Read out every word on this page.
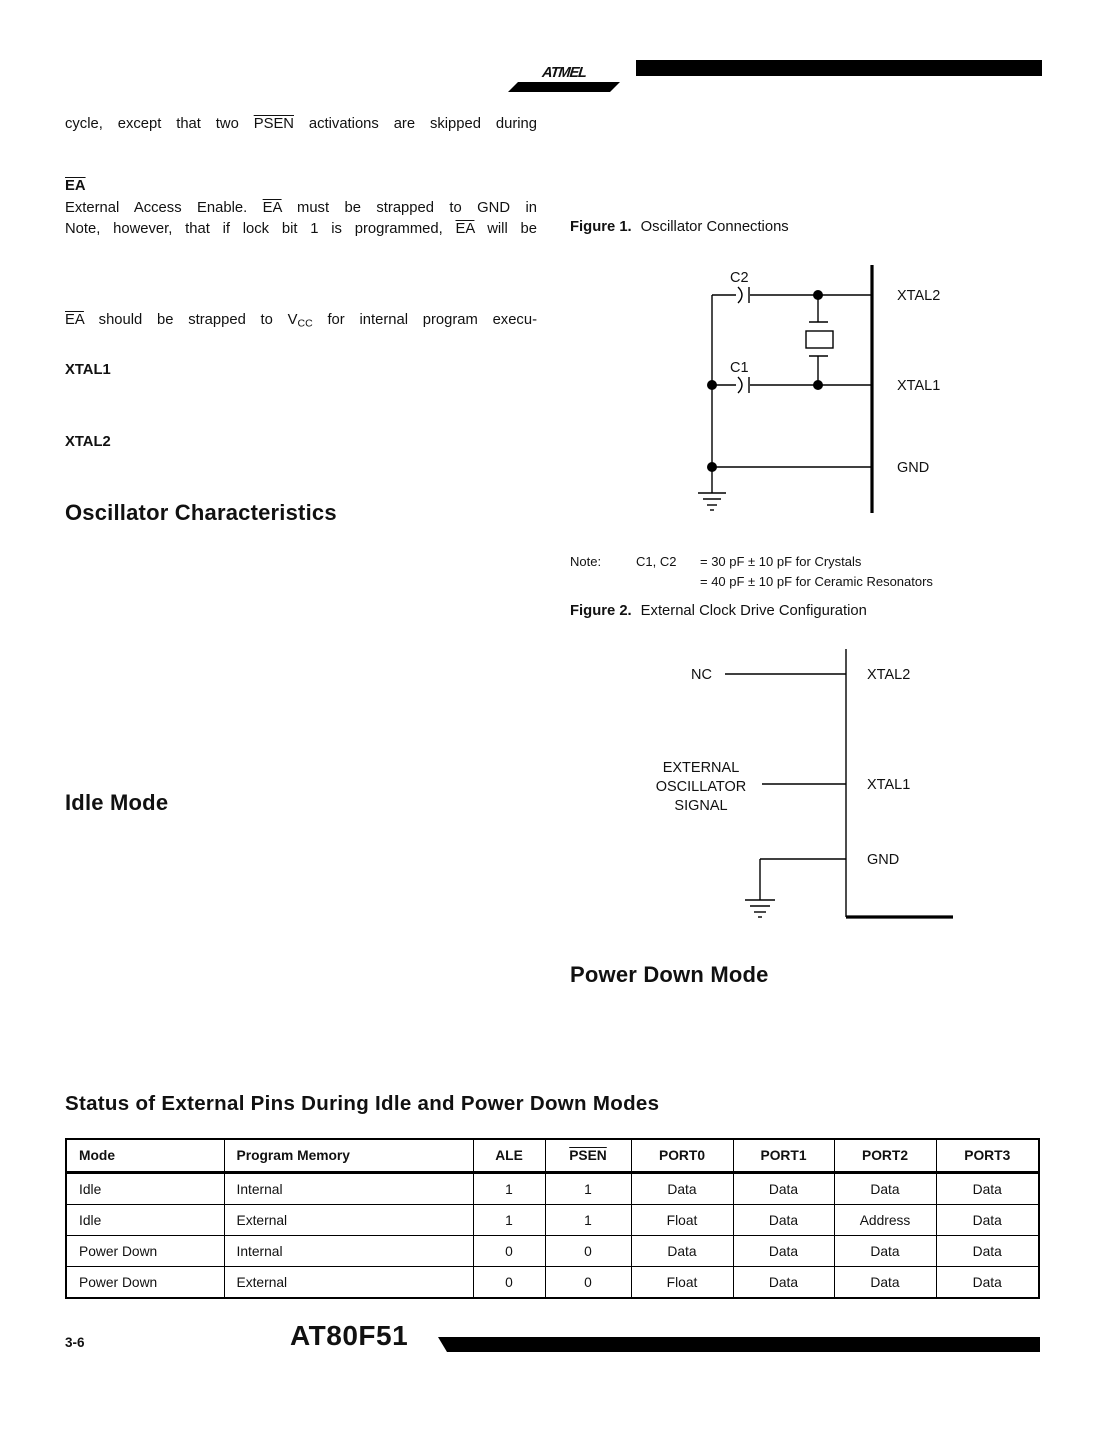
ATMEL
cycle, except that two PSEN activations are skipped during
$\overline{EA}$
External Access Enable. $\overline{EA}$ must be strapped to GND in
Note, however, that if lock bit 1 is programmed, $\overline{EA}$ will be
$\overline{EA}$ should be strapped to $V_{CC}$ for internal program execu-
XTAL1
XTAL2
Oscillator Characteristics
Idle Mode
Figure 1. Oscillator Connections
C2
C1
XTAL2
XTAL1
GND
Note:	C1, C2 = 30 pF ± 10 pF for Crystals
= 40 pF ± 10 pF for Ceramic Resonators
Figure 2. External Clock Drive Configuration
NC
EXTERNAL
OSCILLATOR
SIGNAL
XTAL2
XTAL1
GND
Power Down Mode
Status of External Pins During Idle and Power Down Modes
Mode	Program Memory	ALE	PSEN	PORT0	PORT1	PORT2	PORT3
Idle	Internal	1	1	Data	Data	Data	Data
Idle	External	1	1	Float	Data	Address	Data
Power Down	Internal	0	0	Data	Data	Data	Data
Power Down	External	0	0	Float	Data	Data	Data
3-6	AT80F51
